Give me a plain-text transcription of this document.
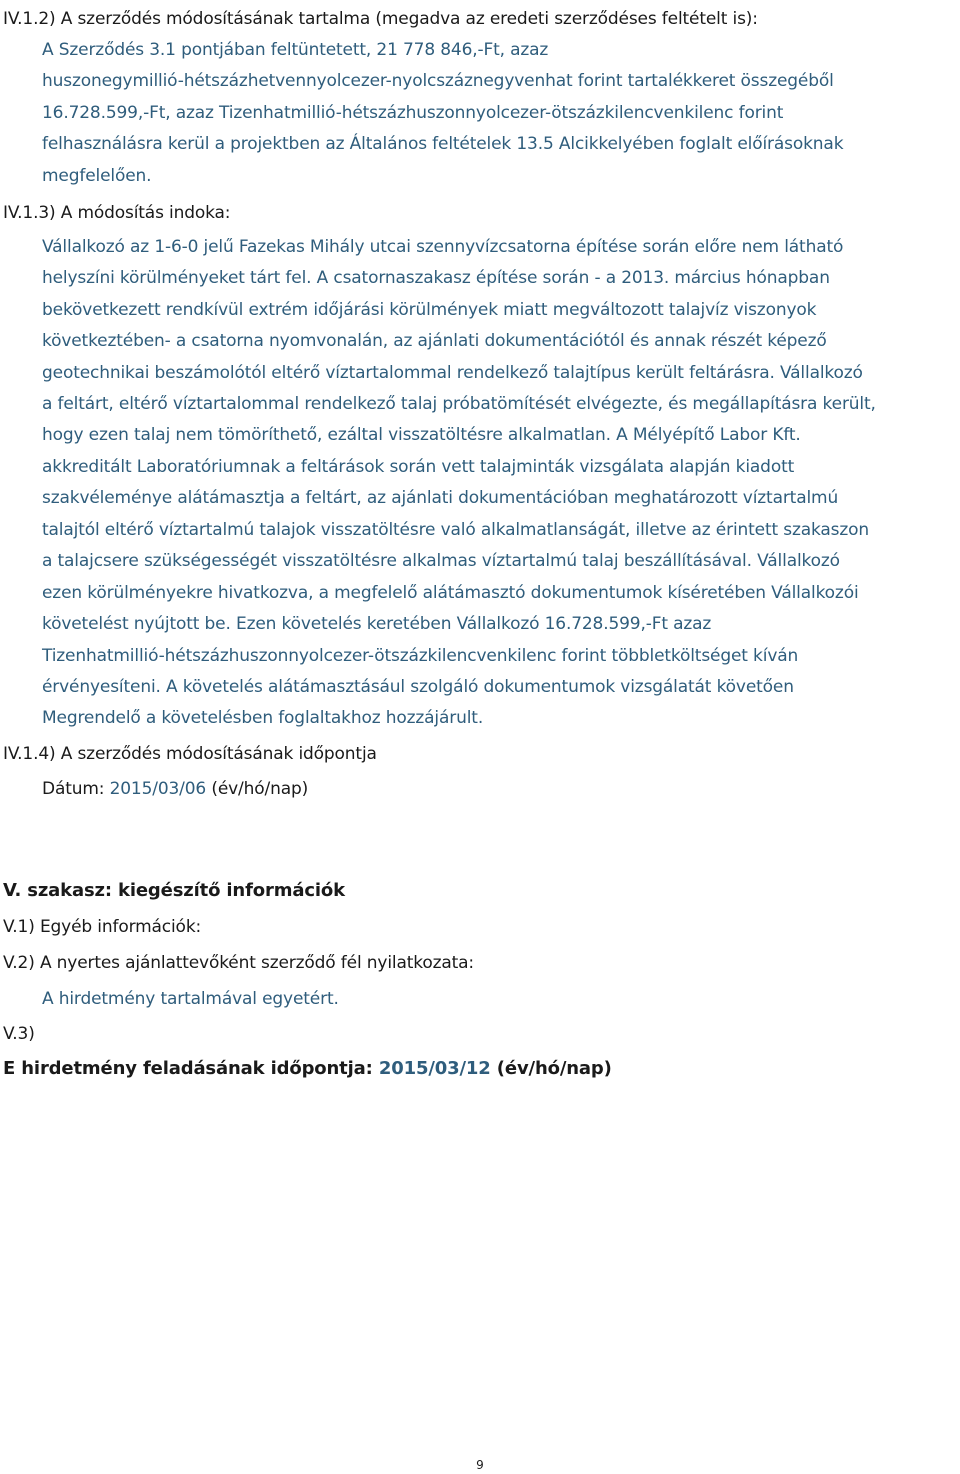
IV.1.2) A szerződés módosításának tartalma (megadva az eredeti szerződéses feltételt is):
A Szerződés 3.1 pontjában feltüntetett, 21 778 846,-Ft, azaz
huszonegymillió-hétszázhetvennyolcezer-nyolcszáznegyvenhat forint tartalékkeret összegéből
16.728.599,-Ft, azaz Tizenhatmillió-hétszázhuszonnyolcezer-ötszázkilencvenkilenc forint
felhasználásra kerül a projektben az Általános feltételek 13.5 Alcikkelyében foglalt előírásoknak
megfelelően.
IV.1.3) A módosítás indoka:
Vállalkozó az 1-6-0 jelű Fazekas Mihály utcai szennyvízcsatorna építése során előre nem látható
helyszíni körülményeket tárt fel. A csatornaszakasz építése során - a 2013. március hónapban
bekövetkezett rendkívül extrém időjárási körülmények miatt megváltozott talajvíz viszonyok
következtében- a csatorna nyomvonalán, az ajánlati dokumentációtól és annak részét képező
geotechnikai beszámolótól eltérő víztartalommal rendelkező talajtípus került feltárásra. Vállalkozó
a feltárt, eltérő víztartalommal rendelkező talaj próbatömítését elvégezte, és megállapításra került,
hogy ezen talaj nem tömöríthető, ezáltal visszatöltésre alkalmatlan. A Mélyépítő Labor Kft.
akkreditált Laboratóriumnak a feltárások során vett talajminták vizsgálata alapján kiadott
szakvéleménye alátámasztja a feltárt, az ajánlati dokumentációban meghatározott víztartalmú
talajtól eltérő víztartalmú talajok visszatöltésre való alkalmatlanságát, illetve az érintett szakaszon
a talajcsere szükségességét visszatöltésre alkalmas víztartalmú talaj beszállításával. Vállalkozó
ezen körülményekre hivatkozva, a megfelelő alátámasztó dokumentumok kíséretében Vállalkozói
követelést nyújtott be. Ezen követelés keretében Vállalkozó 16.728.599,-Ft azaz
Tizenhatmillió-hétszázhuszonnyolcezer-ötszázkilencvenkilenc forint többletköltséget kíván
érvényesíteni. A követelés alátámasztásául szolgáló dokumentumok vizsgálatát követően
Megrendelő a követelésben foglaltakhoz hozzájárult.
IV.1.4) A szerződés módosításának időpontja
Dátum: 2015/03/06 (év/hó/nap)
V. szakasz: kiegészítő információk
V.1) Egyéb információk:
V.2) A nyertes ajánlattevőként szerződő fél nyilatkozata:
A hirdetmény tartalmával egyetért.
V.3)
E hirdetmény feladásának időpontja: 2015/03/12 (év/hó/nap)
9
